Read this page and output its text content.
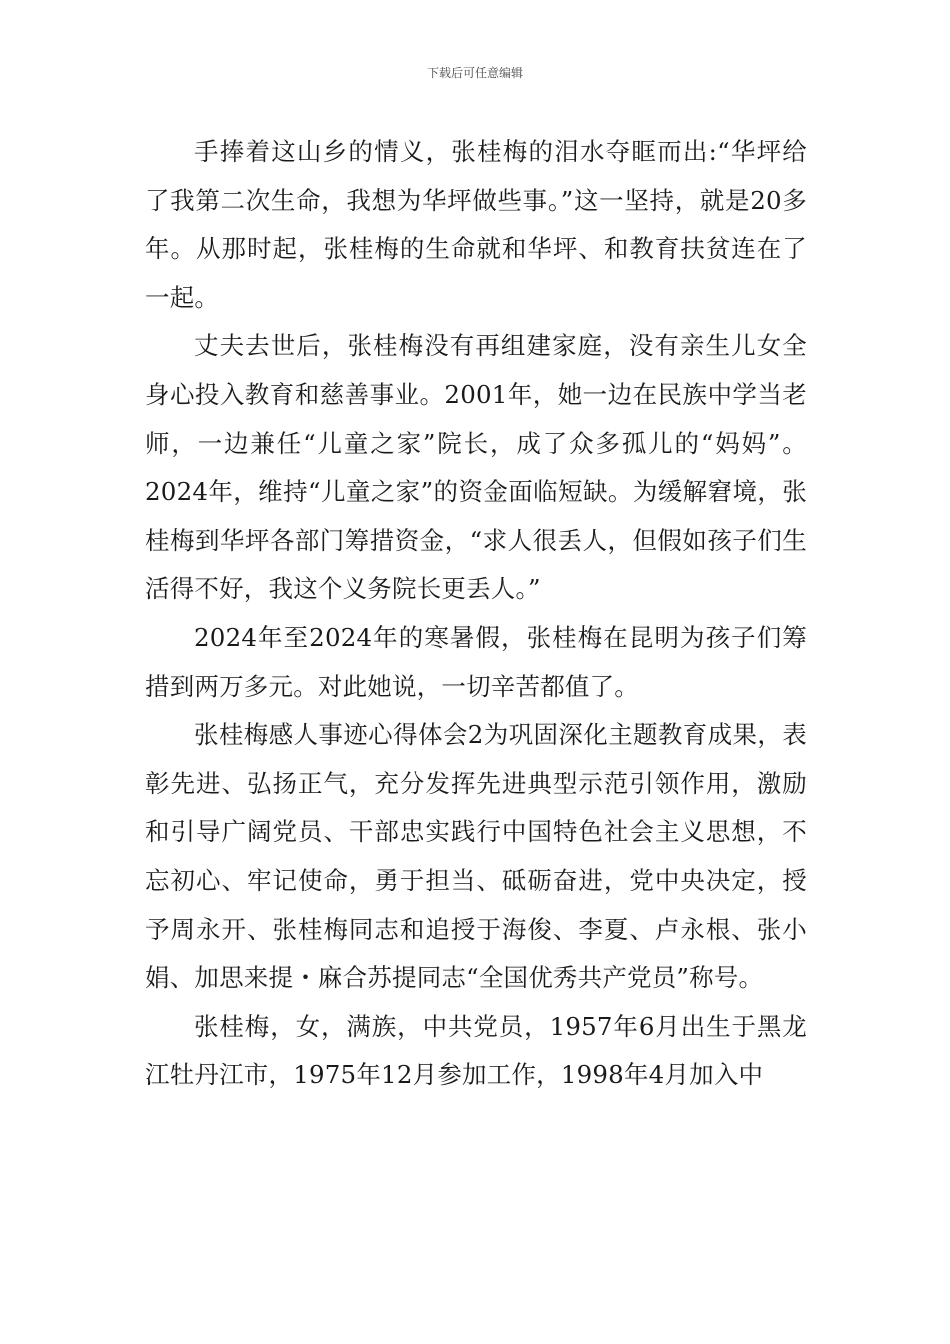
下载后可任意编辑

手捧着这山乡的情义，张桂梅的泪水夺眶而出:“华坪给了我第二次生命，我想为华坪做些事。”这一坚持，就是20多年。从那时起，张桂梅的生命就和华坪、和教育扶贫连在了一起。

丈夫去世后，张桂梅没有再组建家庭，没有亲生儿女全身心投入教育和慈善事业。2001年，她一边在民族中学当老师，一边兼任“儿童之家”院长，成了众多孤儿的“妈妈”。2024年，维持“儿童之家”的资金面临短缺。为缓解窘境，张桂梅到华坪各部门筹措资金，“求人很丢人，但假如孩子们生活得不好，我这个义务院长更丢人。”

2024年至2024年的寒暑假，张桂梅在昆明为孩子们筹措到两万多元。对此她说，一切辛苦都值了。

张桂梅感人事迹心得体会2为巩固深化主题教育成果，表彰先进、弘扬正气，充分发挥先进典型示范引领作用，激励和引导广阔党员、干部忠实践行中国特色社会主义思想，不忘初心、牢记使命，勇于担当、砥砺奋进，党中央决定，授予周永开、张桂梅同志和追授于海俊、李夏、卢永根、张小娟、加思来提・麻合苏提同志“全国优秀共产党员”称号。

张桂梅，女，满族，中共党员，1957年6月出生于黑龙江牡丹江市，1975年12月参加工作，1998年4月加入中
